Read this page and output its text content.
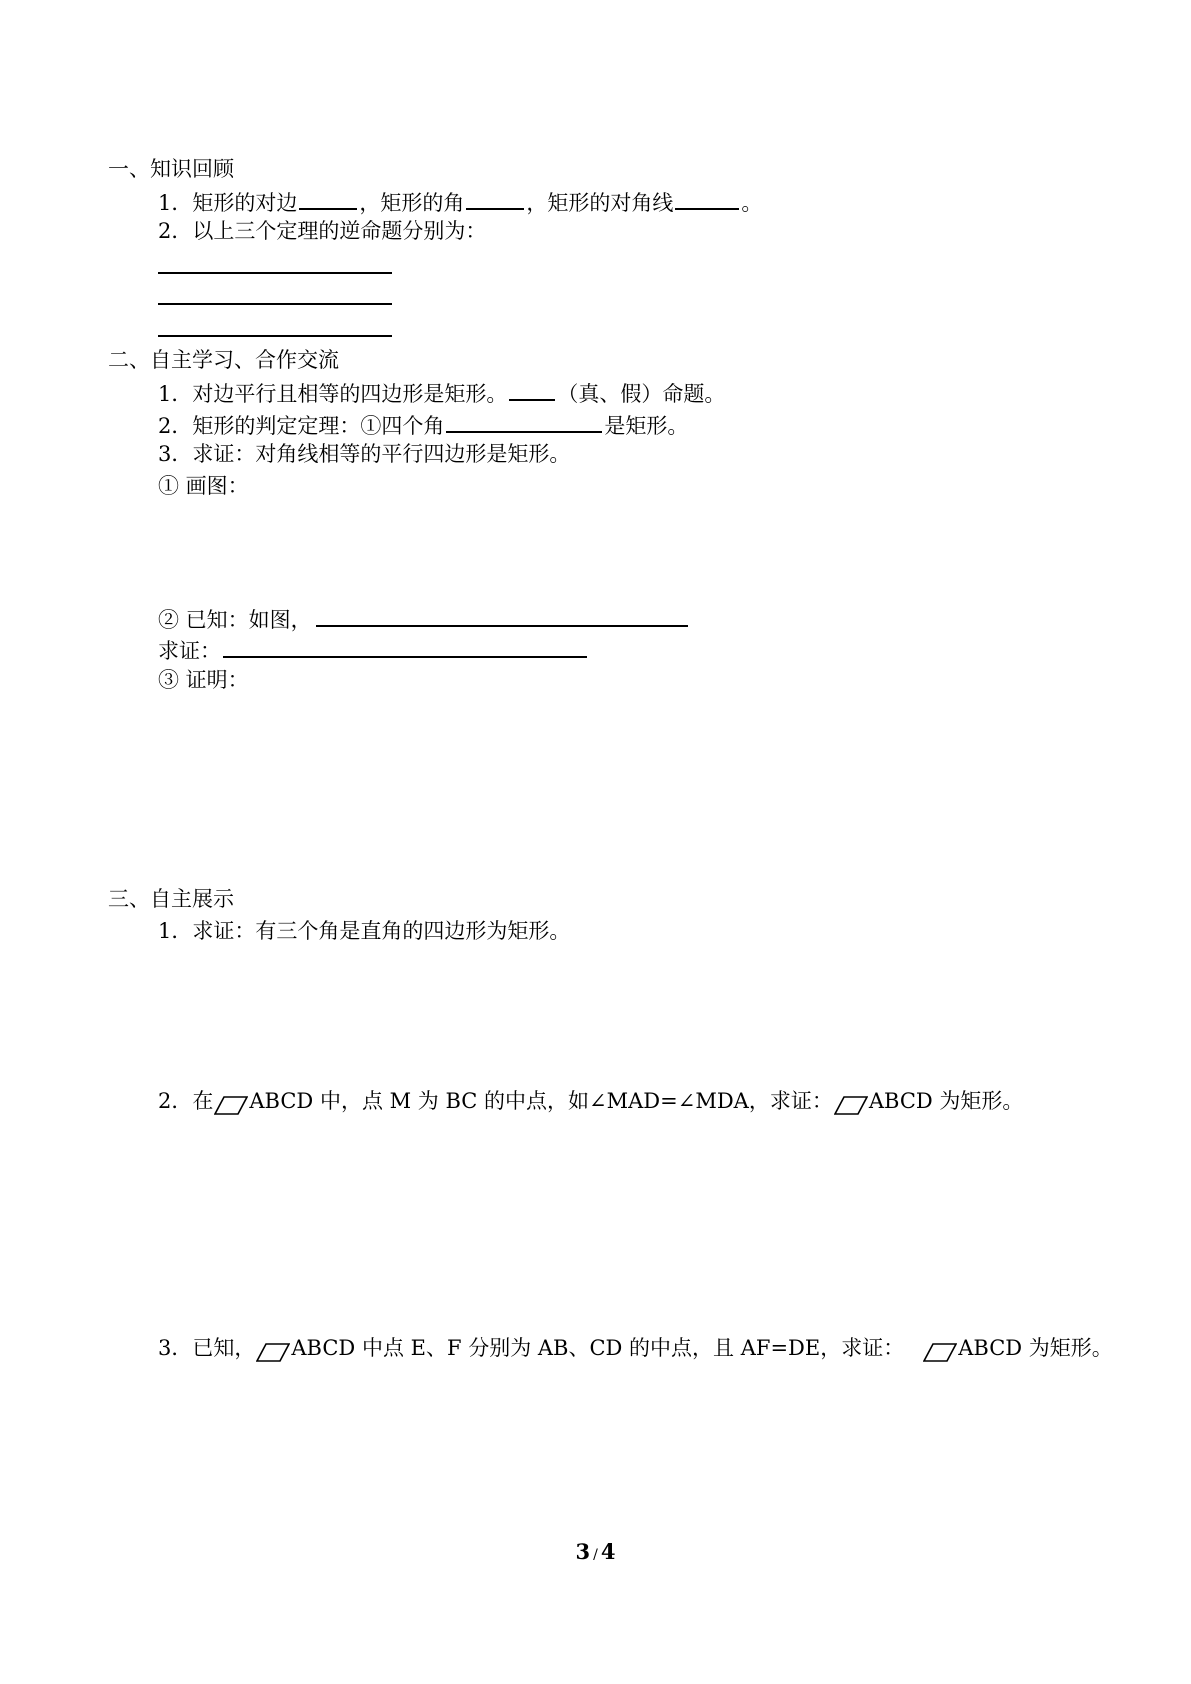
一、知识回顾
1．矩形的对边	，矩形的角	，矩形的对角线	。
2．以上三个定理的逆命题分别为：
二、自主学习、合作交流
1．对边平行且相等的四边形是矩形。 （真、假）命题。
2．矩形的判定定理：①四个角	是矩形。
3．求证：对角线相等的平行四边形是矩形。
① 画图：
② 已知：如图，
求证：
③ 证明：
三、自主展示
1．求证：有三个角是直角的四边形为矩形。
2．在 ABCD 中，点 M 为 BC 的中点，如∠MAD=∠MDA，求证： ABCD 为矩形。
3．已知， ABCD 中点 E、F 分别为 AB、CD 的中点，且 AF=DE，求证：	ABCD 为矩形。
3 / 4
